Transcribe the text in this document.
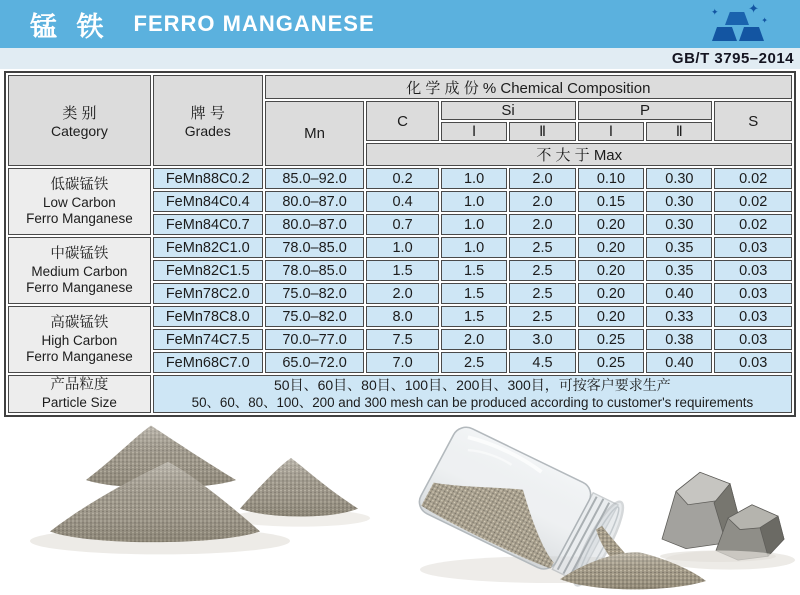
锰 铁 FERRO MANGANESE	✦ ✦
✦
GB/T 3795–2014
类 别
Category

牌 号
Grades
	化 学 成 份 % Chemical Composition
		Mn	C	Si		P		S
				Ⅰ	Ⅱ	Ⅰ	Ⅱ	
			不 大 于 Max					

低碳锰铁
Low Carbon
Ferro Manganese	FeMn88C0.2	85.0–92.0	0.2	1.0	2.0	0.10	0.30	0.02
	FeMn84C0.4	80.0–87.0	0.4	1.0	2.0	0.15	0.30	0.02
	FeMn84C0.7	80.0–87.0	0.7	1.0	2.0	0.20	0.30	0.02

中碳锰铁
Medium Carbon
Ferro Manganese	FeMn82C1.0	78.0–85.0	1.0	1.0	2.5	0.20	0.35	0.03
	FeMn82C1.5	78.0–85.0	1.5	1.5	2.5	0.20	0.35	0.03
	FeMn78C2.0	75.0–82.0	2.0	1.5	2.5	0.20	0.40	0.03

高碳锰铁
High Carbon
Ferro Manganese	FeMn78C8.0	75.0–82.0	8.0	1.5	2.5	0.20	0.33	0.03
	FeMn74C7.5	70.0–77.0	7.5	2.0	3.0	0.25	0.38	0.03
	FeMn68C7.0	65.0–72.0	7.0	2.5	4.5	0.25	0.40	0.03

产品粒度
Particle Size

50目、60目、80目、100目、200目、300目，可按客户要求生产
50、60、80、100、200 and 300 mesh can be produced according to customer's requirements
